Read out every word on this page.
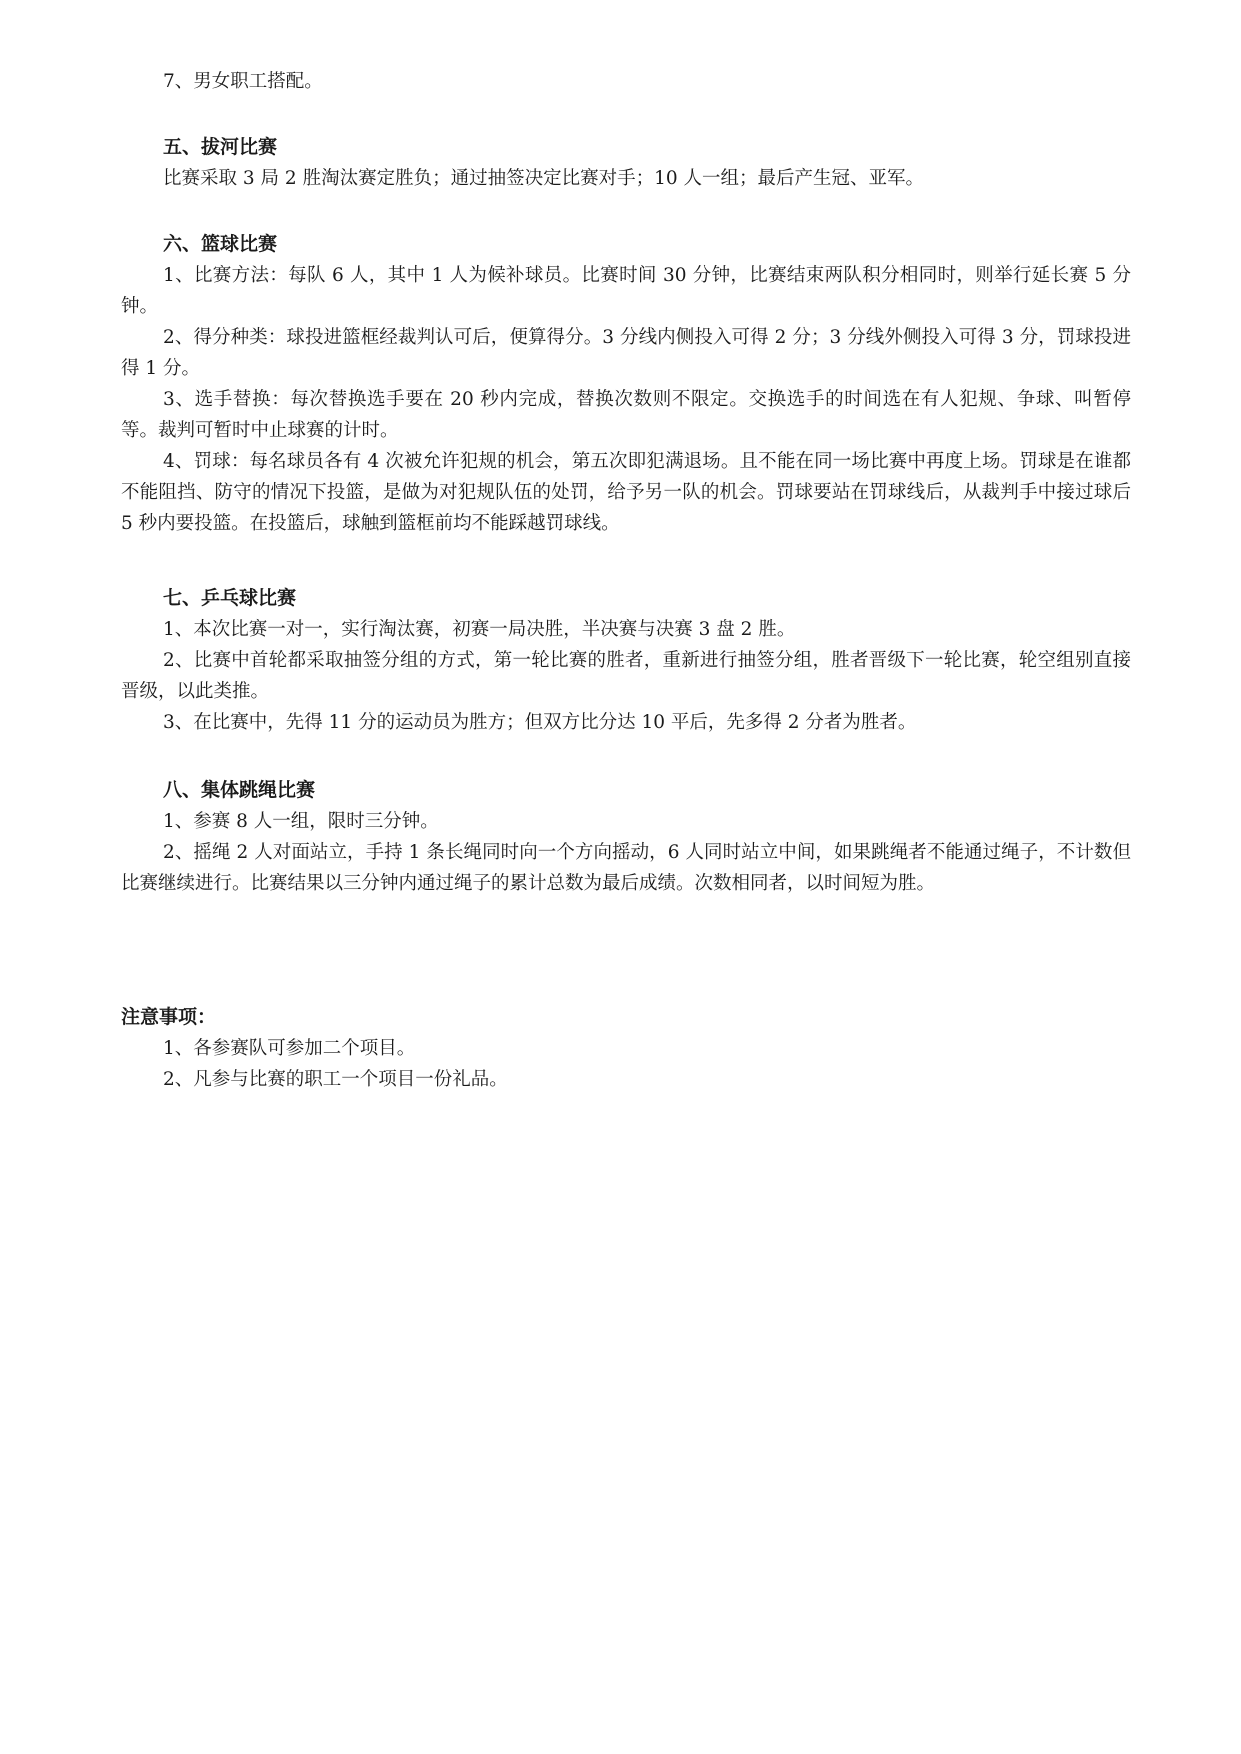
7、男女职工搭配。

五、拔河比赛

比赛采取 3 局 2 胜淘汰赛定胜负；通过抽签决定比赛对手；10 人一组；最后产生冠、亚军。

六、篮球比赛

1、比赛方法：每队 6 人，其中 1 人为候补球员。比赛时间 30 分钟，比赛结束两队积分相同时，则举行延长赛 5 分钟。

2、得分种类：球投进篮框经裁判认可后，便算得分。3 分线内侧投入可得 2 分；3 分线外侧投入可得 3 分，罚球投进得 1 分。

3、选手替换：每次替换选手要在 20 秒内完成，替换次数则不限定。交换选手的时间选在有人犯规、争球、叫暂停等。裁判可暂时中止球赛的计时。

4、罚球：每名球员各有 4 次被允许犯规的机会，第五次即犯满退场。且不能在同一场比赛中再度上场。罚球是在谁都不能阻挡、防守的情况下投篮，是做为对犯规队伍的处罚，给予另一队的机会。罚球要站在罚球线后，从裁判手中接过球后 5 秒内要投篮。在投篮后，球触到篮框前均不能踩越罚球线。

七、乒乓球比赛

1、本次比赛一对一，实行淘汰赛，初赛一局决胜，半决赛与决赛 3 盘 2 胜。

2、比赛中首轮都采取抽签分组的方式，第一轮比赛的胜者，重新进行抽签分组，胜者晋级下一轮比赛，轮空组别直接晋级，以此类推。

3、在比赛中，先得 11 分的运动员为胜方；但双方比分达 10 平后，先多得 2 分者为胜者。

八、集体跳绳比赛

1、参赛 8 人一组，限时三分钟。

2、摇绳 2 人对面站立，手持 1 条长绳同时向一个方向摇动，6 人同时站立中间，如果跳绳者不能通过绳子，不计数但比赛继续进行。比赛结果以三分钟内通过绳子的累计总数为最后成绩。次数相同者，以时间短为胜。

注意事项：

1、各参赛队可参加二个项目。

2、凡参与比赛的职工一个项目一份礼品。
